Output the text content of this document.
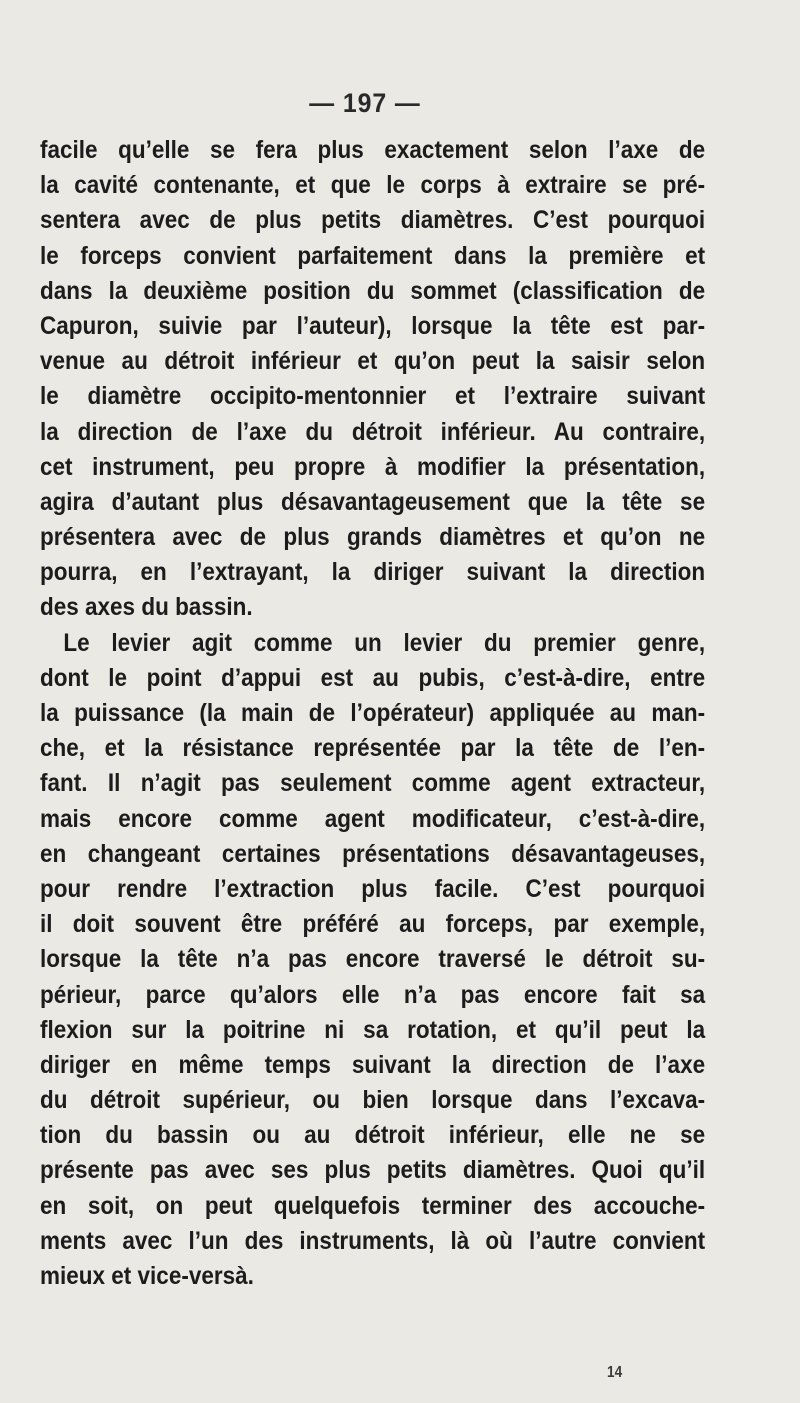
— 197 —
facile qu’elle se fera plus exactement selon l’axe de
la cavité contenante, et que le corps à extraire se pré-
sentera avec de plus petits diamètres. C’est pourquoi
le forceps convient parfaitement dans la première et
dans la deuxième position du sommet (classification de
Capuron, suivie par l’auteur), lorsque la tête est par-
venue au détroit inférieur et qu’on peut la saisir selon
le diamètre occipito-mentonnier et l’extraire suivant
la direction de l’axe du détroit inférieur. Au contraire,
cet instrument, peu propre à modifier la présentation,
agira d’autant plus désavantageusement que la tête se
présentera avec de plus grands diamètres et qu’on ne
pourra, en l’extrayant, la diriger suivant la direction
des axes du bassin.
Le levier agit comme un levier du premier genre,
dont le point d’appui est au pubis, c’est-à-dire, entre
la puissance (la main de l’opérateur) appliquée au man-
che, et la résistance représentée par la tête de l’en-
fant. Il n’agit pas seulement comme agent extracteur,
mais encore comme agent modificateur, c’est-à-dire,
en changeant certaines présentations désavantageuses,
pour rendre l’extraction plus facile. C’est pourquoi
il doit souvent être préféré au forceps, par exemple,
lorsque la tête n’a pas encore traversé le détroit su-
périeur, parce qu’alors elle n’a pas encore fait sa
flexion sur la poitrine ni sa rotation, et qu’il peut la
diriger en même temps suivant la direction de l’axe
du détroit supérieur, ou bien lorsque dans l’excava-
tion du bassin ou au détroit inférieur, elle ne se
présente pas avec ses plus petits diamètres. Quoi qu’il
en soit, on peut quelquefois terminer des accouche-
ments avec l’un des instruments, là où l’autre convient
mieux et vice-versà.
14
